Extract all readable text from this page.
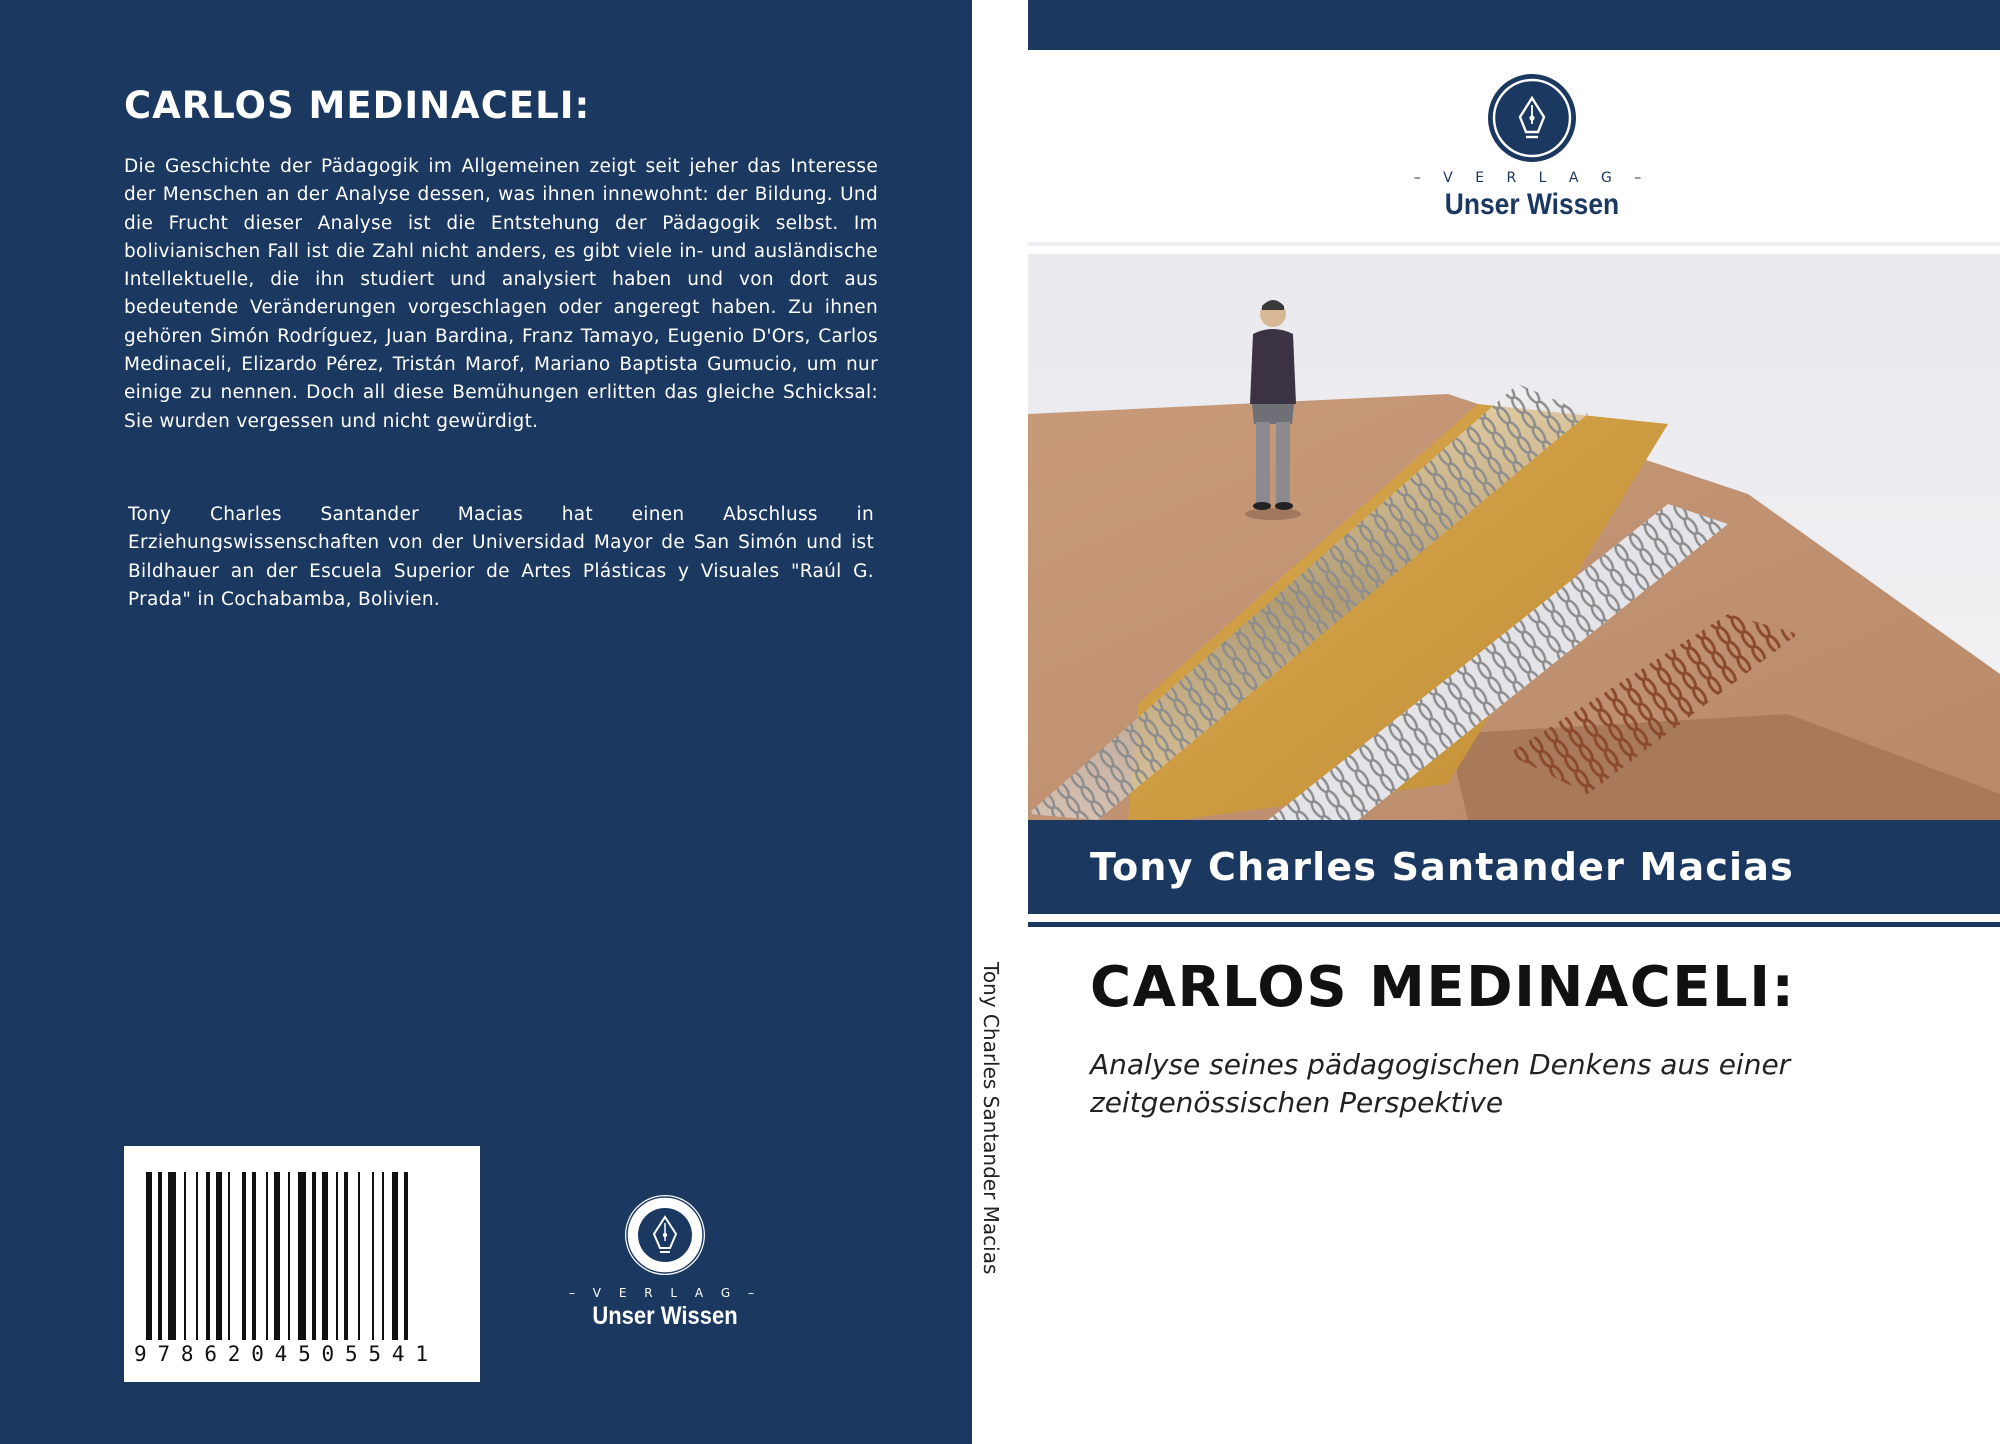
CARLOS MEDINACELI:

Die Geschichte der Pädagogik im Allgemeinen zeigt seit jeher das Interesse der Menschen an der Analyse dessen, was ihnen innewohnt: der Bildung. Und die Frucht dieser Analyse ist die Entstehung der Pädagogik selbst. Im bolivianischen Fall ist die Zahl nicht anders, es gibt viele in- und ausländische Intellektuelle, die ihn studiert und analysiert haben und von dort aus bedeutende Veränderungen vorgeschlagen oder angeregt haben. Zu ihnen gehören Simón Rodríguez, Juan Bardina, Franz Tamayo, Eugenio D'Ors, Carlos Medinaceli, Elizardo Pérez, Tristán Marof, Mariano Baptista Gumucio, um nur einige zu nennen. Doch all diese Bemühungen erlitten das gleiche Schicksal: Sie wurden vergessen und nicht gewürdigt.

Tony Charles Santander Macias hat einen Abschluss in Erziehungswissenschaften von der Universidad Mayor de San Simón und ist Bildhauer an der Escuela Superior de Artes Plásticas y Visuales "Raúl G. Prada" in Cochabamba, Bolivien.

9786204505541
– V E R L A G –
Unser Wissen
Tony Charles Santander Macias
– V E R L A G –
Unser Wissen
Tony Charles Santander Macias
CARLOS MEDINACELI:

Analyse seines pädagogischen Denkens aus einer zeitgenössischen Perspektive
